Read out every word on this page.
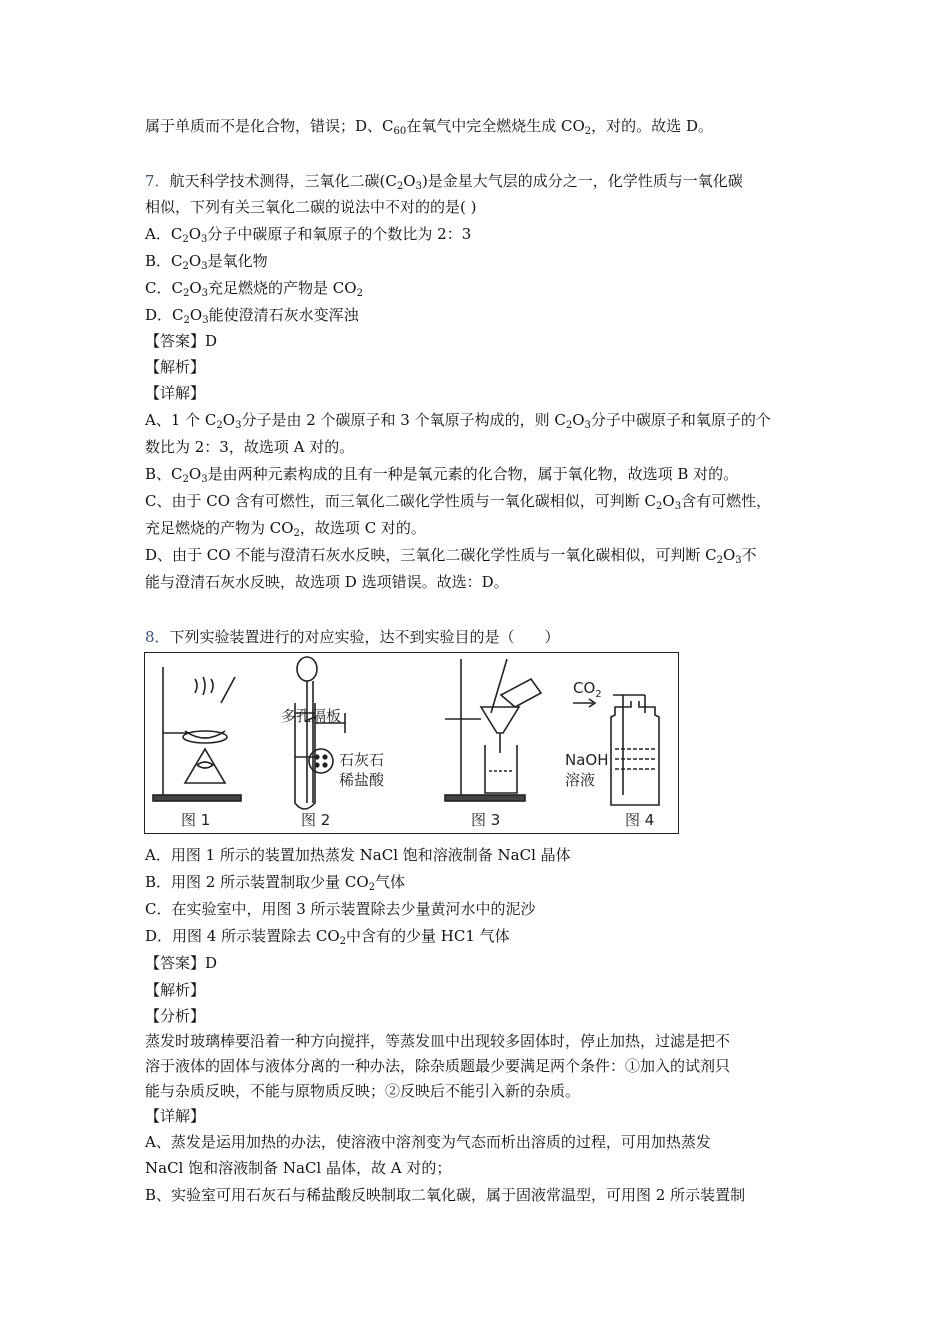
属于单质而不是化合物，错误；D、$C_{60}$在氧气中完全燃烧生成 $CO_2$，对的。故选 D。
7．航天科学技术测得，三氧化二碳$(C_2O_3)$是金星大气层的成分之一，化学性质与一氧化碳
相似，下列有关三氧化二碳的说法中不对的的是( )
A．$C_2O_3$分子中碳原子和氧原子的个数比为 2：3
B．$C_2O_3$是氧化物
C．$C_2O_3$充足燃烧的产物是 $CO_2$
D．$C_2O_3$能使澄清石灰水变浑浊
【答案】D
【解析】
【详解】
A、1 个 $C_2O_3$分子是由 2 个碳原子和 3 个氧原子构成的，则 $C_2O_3$分子中碳原子和氧原子的个
数比为 2：3，故选项 A 对的。
B、$C_2O_3$是由两种元素构成的且有一种是氧元素的化合物，属于氧化物，故选项 B 对的。
C、由于 CO 含有可燃性，而三氧化二碳化学性质与一氧化碳相似，可判断 $C_2O_3$含有可燃性，
充足燃烧的产物为 $CO_2$，故选项 C 对的。
D、由于 CO 不能与澄清石灰水反映，三氧化二碳化学性质与一氧化碳相似，可判断 $C_2O_3$不
能与澄清石灰水反映，故选项 D 选项错误。故选：D。
8．下列实验装置进行的对应实验，达不到实验目的是（　　）
多孔隔板
石灰石
稀盐酸
$CO_2$
NaOH
溶液
图 1	图 2	图 3	图 4
A．用图 1 所示的装置加热蒸发 NaCl 饱和溶液制备 NaCl 晶体
B．用图 2 所示装置制取少量 $CO_2$气体
C．在实验室中，用图 3 所示装置除去少量黄河水中的泥沙
D．用图 4 所示装置除去 $CO_2$中含有的少量 HC1 气体
【答案】D
【解析】
【分析】
蒸发时玻璃棒要沿着一种方向搅拌，等蒸发皿中出现较多固体时，停止加热，过滤是把不
溶于液体的固体与液体分离的一种办法，除杂质题最少要满足两个条件：①加入的试剂只
能与杂质反映，不能与原物质反映；②反映后不能引入新的杂质。
【详解】
A、蒸发是运用加热的办法，使溶液中溶剂变为气态而析出溶质的过程，可用加热蒸发
NaCl 饱和溶液制备 NaCl 晶体，故 A 对的；
B、实验室可用石灰石与稀盐酸反映制取二氧化碳，属于固液常温型，可用图 2 所示装置制
